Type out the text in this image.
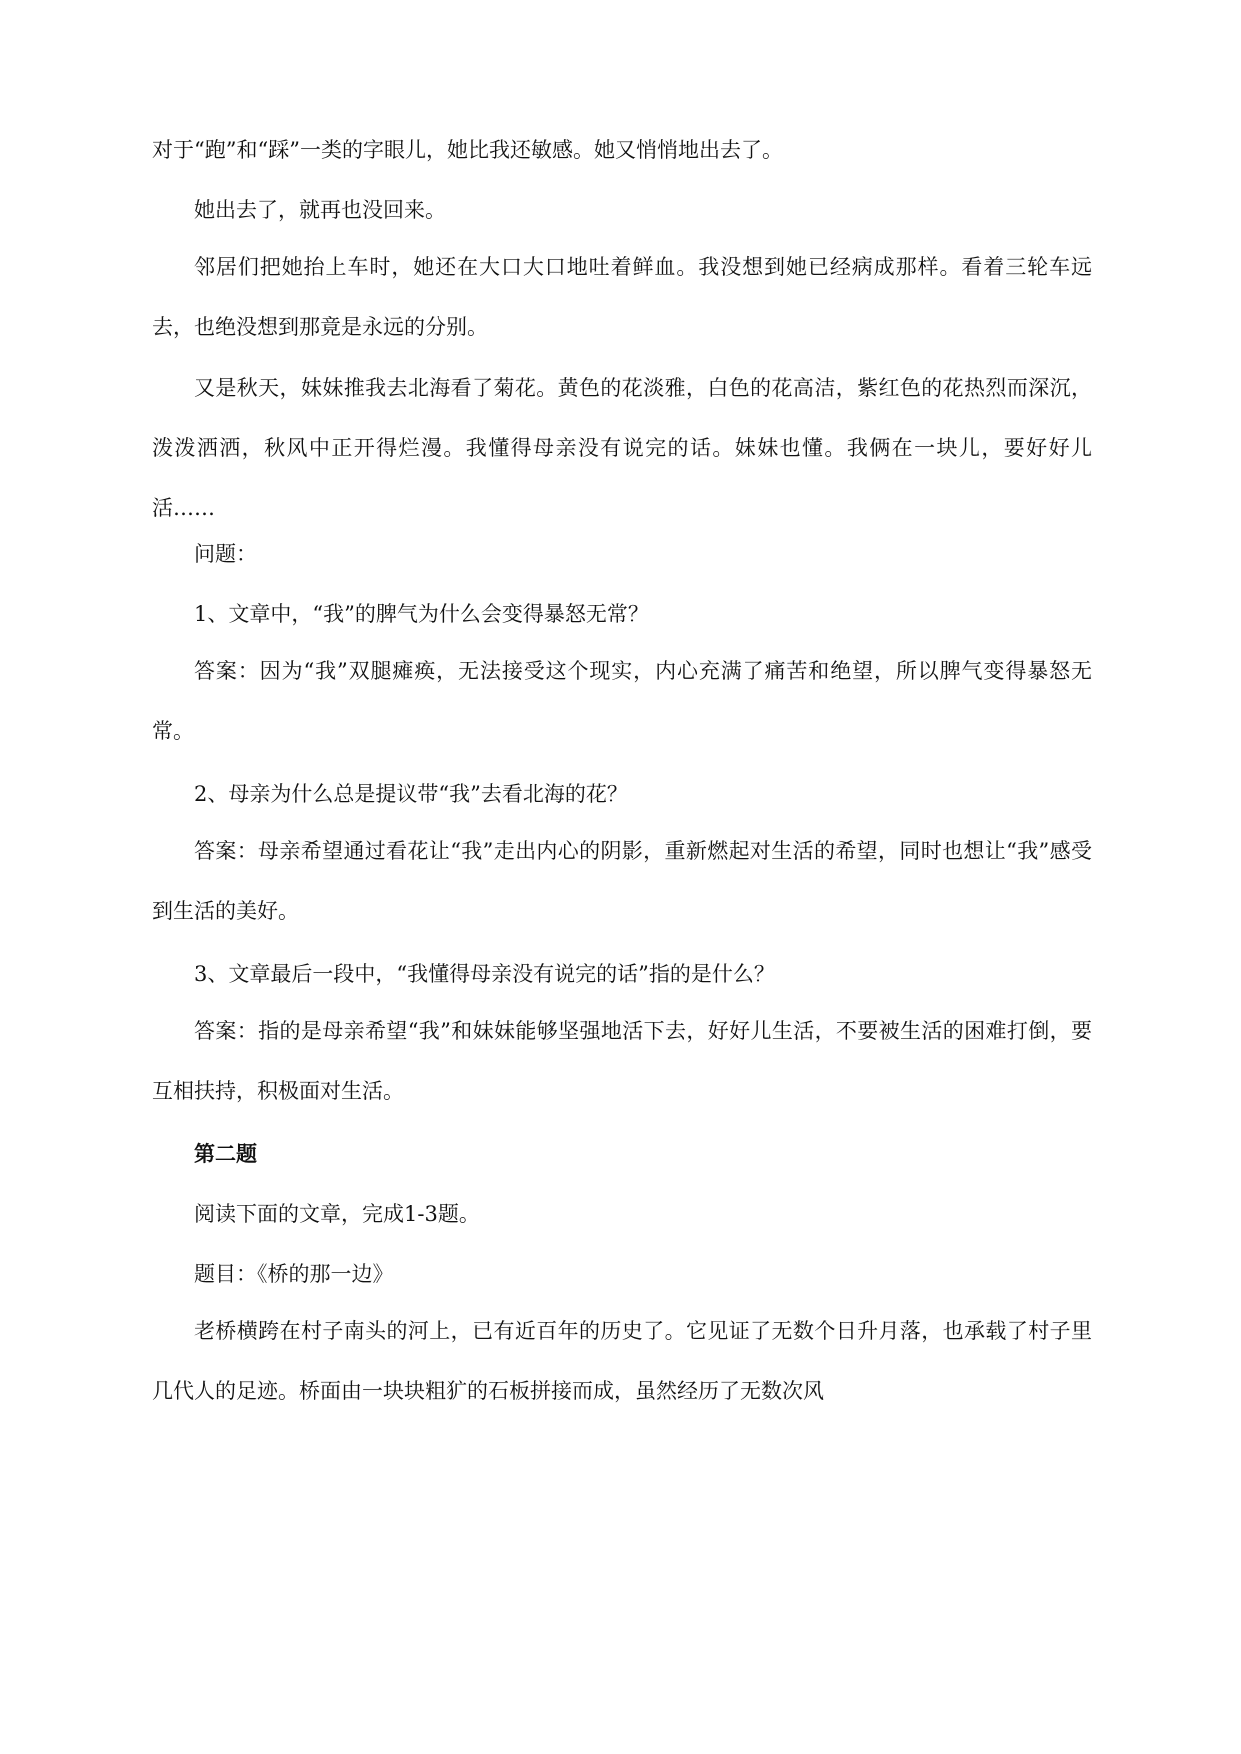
对于“跑”和“踩”一类的字眼儿，她比我还敏感。她又悄悄地出去了。

她出去了，就再也没回来。

邻居们把她抬上车时，她还在大口大口地吐着鲜血。我没想到她已经病成那样。看着三轮车远去，也绝没想到那竟是永远的分别。

又是秋天，妹妹推我去北海看了菊花。黄色的花淡雅，白色的花高洁，紫红色的花热烈而深沉，泼泼洒洒，秋风中正开得烂漫。我懂得母亲没有说完的话。妹妹也懂。我俩在一块儿，要好好儿活……

问题：

1、文章中，“我”的脾气为什么会变得暴怒无常？

答案：因为“我”双腿瘫痪，无法接受这个现实，内心充满了痛苦和绝望，所以脾气变得暴怒无常。

2、母亲为什么总是提议带“我”去看北海的花？

答案：母亲希望通过看花让“我”走出内心的阴影，重新燃起对生活的希望，同时也想让“我”感受到生活的美好。

3、文章最后一段中，“我懂得母亲没有说完的话”指的是什么？

答案：指的是母亲希望“我”和妹妹能够坚强地活下去，好好儿生活，不要被生活的困难打倒，要互相扶持，积极面对生活。

第二题

阅读下面的文章，完成1-3题。

题目：《桥的那一边》

老桥横跨在村子南头的河上，已有近百年的历史了。它见证了无数个日升月落，也承载了村子里几代人的足迹。桥面由一块块粗犷的石板拼接而成，虽然经历了无数次风
